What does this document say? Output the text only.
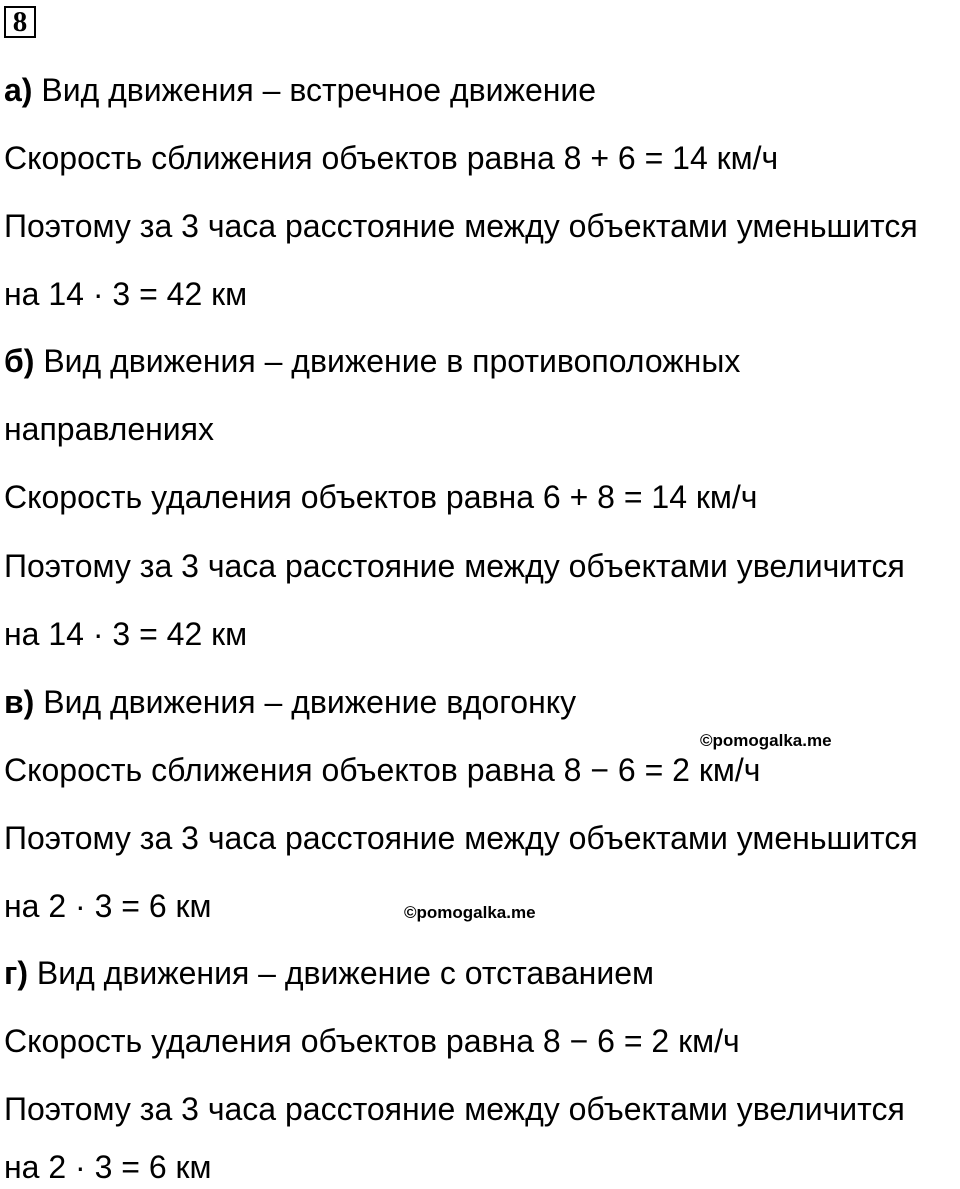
8
а) Вид движения – встречное движение
Скорость сближения объектов равна 8 + 6 = 14 км/ч
Поэтому за 3 часа расстояние между объектами уменьшится
на 14 · 3 = 42 км
б) Вид движения – движение в противоположных
направлениях
Скорость удаления объектов равна 6 + 8 = 14 км/ч
Поэтому за 3 часа расстояние между объектами увеличится
на 14 · 3 = 42 км
в) Вид движения – движение вдогонку
©pomogalka.me
Скорость сближения объектов равна 8 − 6 = 2 км/ч
Поэтому за 3 часа расстояние между объектами уменьшится
на 2 · 3 = 6 км	©pomogalka.me
г) Вид движения – движение с отставанием
Скорость удаления объектов равна 8 − 6 = 2 км/ч
Поэтому за 3 часа расстояние между объектами увеличится
на 2 · 3 = 6 км
